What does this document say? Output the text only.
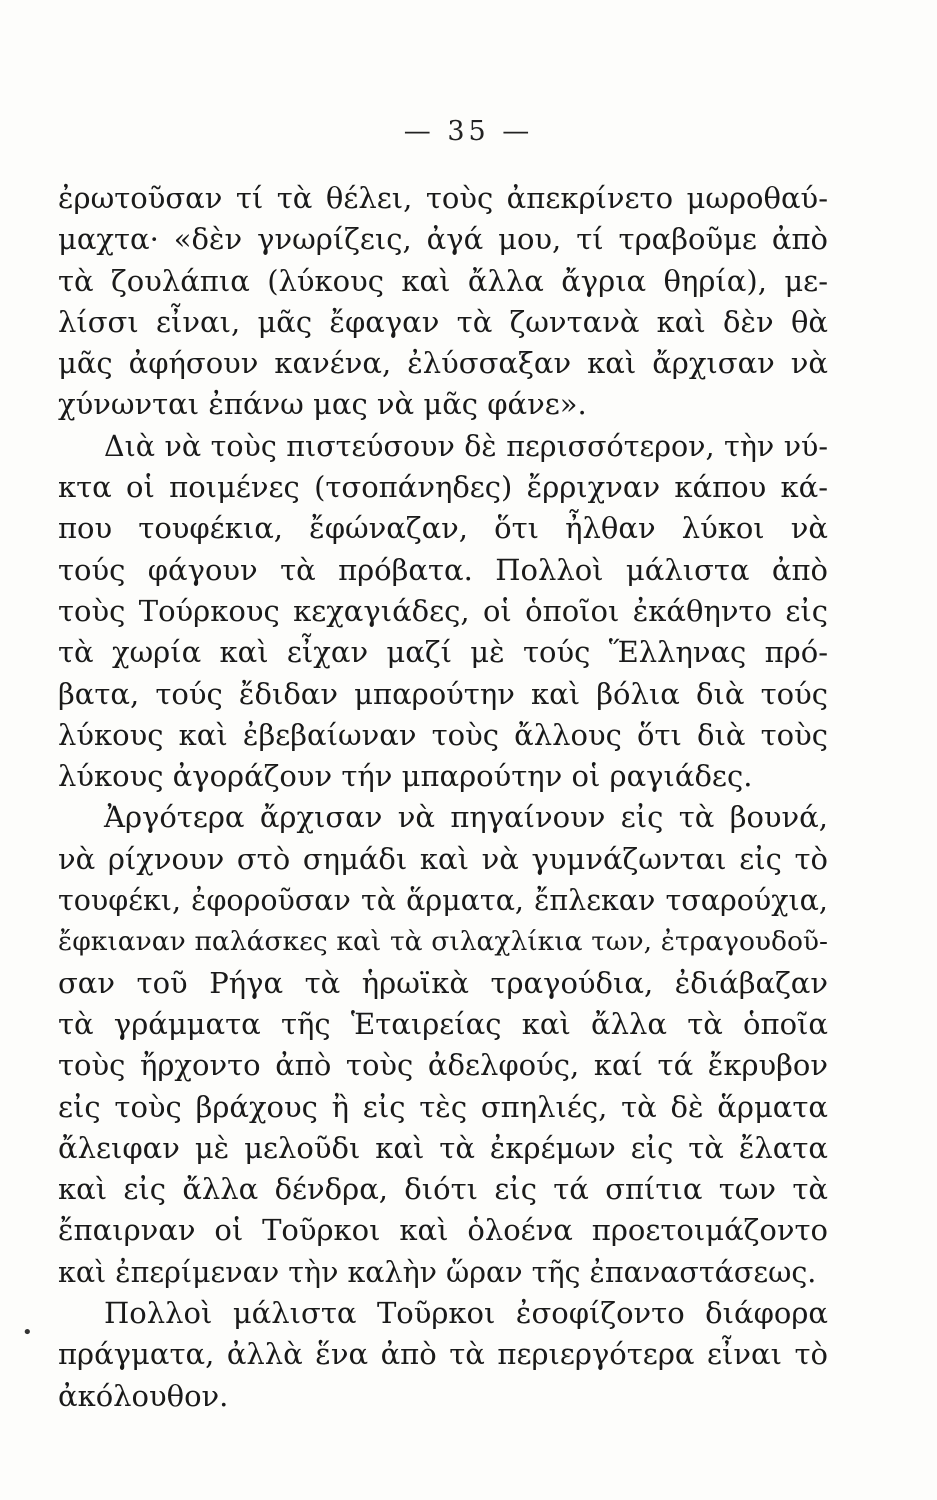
— 35 —
ἐρωτοῦσαν τί τὰ θέλει, τοὺς ἀπεκρίνετο μωροθαύ-
μαχτα· «δὲν γνωρίζεις, ἀγά μου, τί τραβοῦμε ἀπὸ
τὰ ζουλάπια (λύκους καὶ ἄλλα ἄγρια θηρία), με-
λίσσι εἶναι, μᾶς ἔφαγαν τὰ ζωντανὰ καὶ δὲν θὰ
μᾶς ἀφήσουν κανένα, ἐλύσσαξαν καὶ ἄρχισαν νὰ
χύνωνται ἐπάνω μας νὰ μᾶς φάνε».
Διὰ νὰ τοὺς πιστεύσουν δὲ περισσότερον, τὴν νύ-
κτα οἱ ποιμένες (τσοπάνηδες) ἔρριχναν κάπου κά-
που τουφέκια, ἔφώναζαν, ὅτι ἦλθαν λύκοι νὰ
τούς φάγουν τὰ πρόβατα. Πολλοὶ μάλιστα ἀπὸ
τοὺς Τούρκους κεχαγιάδες, οἱ ὁποῖοι ἐκάθηντο εἰς
τὰ χωρία καὶ εἶχαν μαζί μὲ τούς Ἕλληνας πρό-
βατα, τούς ἔδιδαν μπαρούτην καὶ βόλια διὰ τούς
λύκους καὶ ἐβεβαίωναν τοὺς ἄλλους ὅτι διὰ τοὺς
λύκους ἀγοράζουν τήν μπαρούτην οἱ ραγιάδες.
Ἀργότερα ἄρχισαν νὰ πηγαίνουν εἰς τὰ βουνά,
νὰ ρίχνουν στὸ σημάδι καὶ νὰ γυμνάζωνται εἰς τὸ
τουφέκι, ἐφοροῦσαν τὰ ἅρματα, ἔπλεκαν τσαρούχια,
ἔφκιαναν παλάσκες καὶ τὰ σιλαχλίκια των, ἐτραγουδοῦ-
σαν τοῦ Ρήγα τὰ ἡρωϊκὰ τραγούδια, ἐδιάβαζαν
τὰ γράμματα τῆς Ἑταιρείας καὶ ἄλλα τὰ ὁποῖα
τοὺς ἤρχοντο ἀπὸ τοὺς ἀδελφούς, καί τά ἔκρυβον
εἰς τοὺς βράχους ἢ εἰς τὲς σπηλιές, τὰ δὲ ἅρματα
ἄλειφαν μὲ μελοῦδι καὶ τὰ ἐκρέμων εἰς τὰ ἔλατα
καὶ εἰς ἄλλα δένδρα, διότι εἰς τά σπίτια των τὰ
ἔπαιρναν οἱ Τοῦρκοι καὶ ὁλοένα προετοιμάζοντο
καὶ ἐπερίμεναν τὴν καλὴν ὥραν τῆς ἐπαναστάσεως.
Πολλοὶ μάλιστα Τοῦρκοι ἐσοφίζοντο διάφορα
πράγματα, ἀλλὰ ἕνα ἀπὸ τὰ περιεργότερα εἶναι τὸ
ἀκόλουθον.
•
